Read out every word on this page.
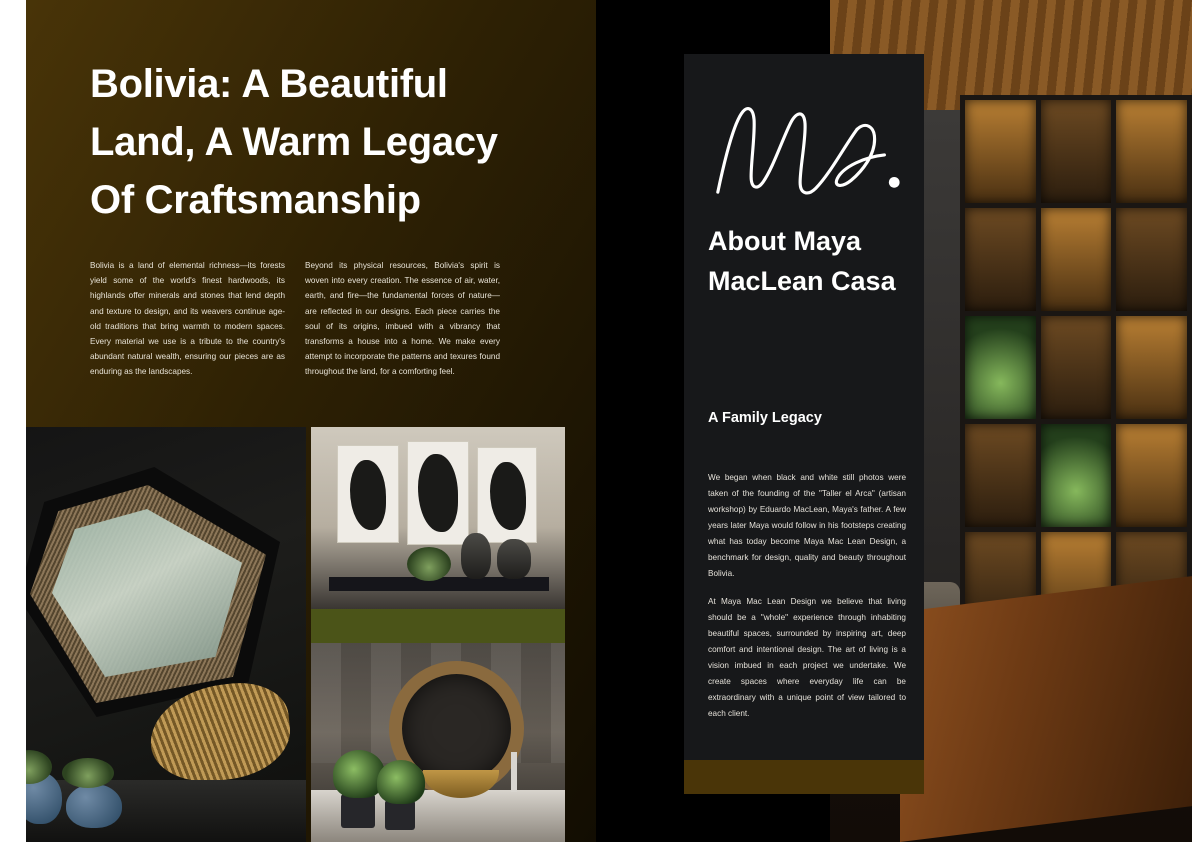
Bolivia: A Beautiful Land, A Warm Legacy Of Craftsmanship

Bolivia is a land of elemental richness—its forests yield some of the world's finest hardwoods, its highlands offer minerals and stones that lend depth and texture to design, and its weavers continue age-old traditions that bring warmth to modern spaces. Every material we use is a tribute to the country's abundant natural wealth, ensuring our pieces are as enduring as the landscapes.

Beyond its physical resources, Bolivia's spirit is woven into every creation. The essence of air, water, earth, and fire—the fundamental forces of nature—are reflected in our designs. Each piece carries the soul of its origins, imbued with a vibrancy that transforms a house into a home. We make every attempt to incorporate the patterns and texures found throughout the land, for a comforting feel.

About Maya MacLean Casa
A Family Legacy

We began when black and white still photos were taken of the founding of the "Taller el Arca" (artisan workshop) by Eduardo MacLean, Maya's father. A few years later Maya would follow in his footsteps creating what has today become Maya Mac Lean Design, a benchmark for design, quality and beauty throughout Bolivia.

At Maya Mac Lean Design we believe that living should be a "whole" experience through inhabiting beautiful spaces, surrounded by inspiring art, deep comfort and intentional design. The art of living is a vision imbued in each project we undertake. We create spaces where everyday life can be extraordinary with a unique point of view tailored to each client.
